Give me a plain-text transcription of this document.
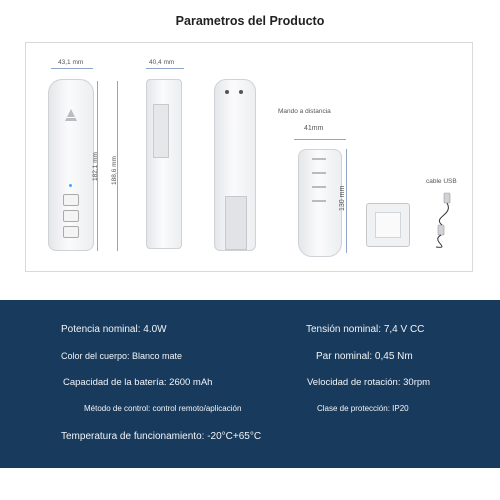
Parametros del Producto
43,1 mm
182,1 mm 188,6 mm
40,4 mm
Mando a distancia
41mm
130 mm
cable USB
Potencia nominal: 4.0W	Tensión nominal: 7,4 V CC
Color del cuerpo: Blanco mate	Par nominal: 0,45 Nm
Capacidad de la batería: 2600 mAh	Velocidad de rotación: 30rpm
Método de control: control remoto/aplicación	Clase de protección: IP20
Temperatura de funcionamiento: -20°C+65°C
